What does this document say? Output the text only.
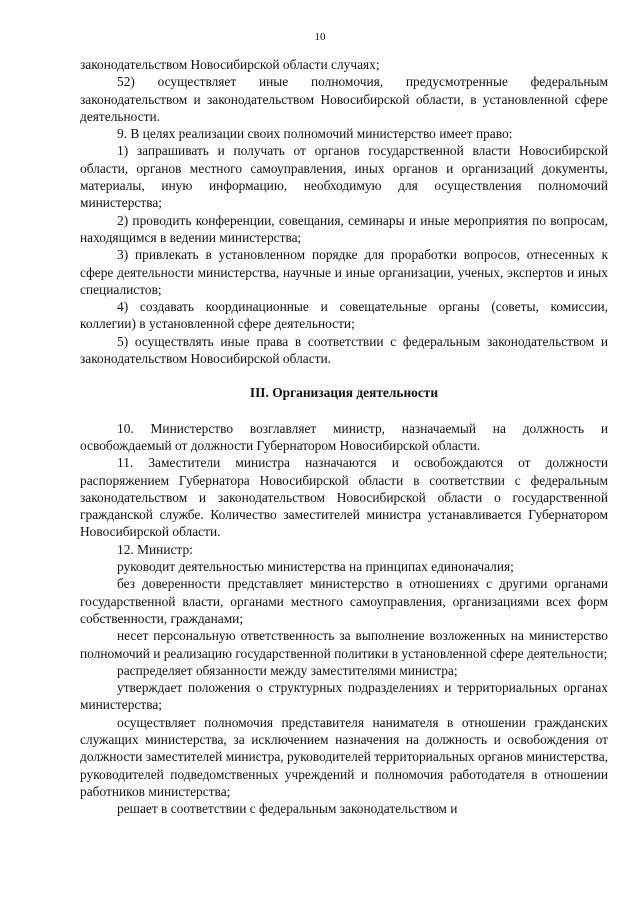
10

законодательством Новосибирской области случаях;

52) осуществляет иные полномочия, предусмотренные федеральным законодательством и законодательством Новосибирской области, в установленной сфере деятельности.

9. В целях реализации своих полномочий министерство имеет право:

1) запрашивать и получать от органов государственной власти Новосибирской области, органов местного самоуправления, иных органов и организаций документы, материалы, иную информацию, необходимую для осуществления полномочий министерства;

2) проводить конференции, совещания, семинары и иные мероприятия по вопросам, находящимся в ведении министерства;

3) привлекать в установленном порядке для проработки вопросов, отнесенных к сфере деятельности министерства, научные и иные организации, ученых, экспертов и иных специалистов;

4) создавать координационные и совещательные органы (советы, комиссии, коллегии) в установленной сфере деятельности;

5) осуществлять иные права в соответствии с федеральным законодательством и законодательством Новосибирской области.

III. Организация деятельности

10. Министерство возглавляет министр, назначаемый на должность и освобождаемый от должности Губернатором Новосибирской области.

11. Заместители министра назначаются и освобождаются от должности распоряжением Губернатора Новосибирской области в соответствии с федеральным законодательством и законодательством Новосибирской области о государственной гражданской службе. Количество заместителей министра устанавливается Губернатором Новосибирской области.

12. Министр:

руководит деятельностью министерства на принципах единоначалия;

без доверенности представляет министерство в отношениях с другими органами государственной власти, органами местного самоуправления, организациями всех форм собственности, гражданами;

несет персональную ответственность за выполнение возложенных на министерство полномочий и реализацию государственной политики в установленной сфере деятельности;

распределяет обязанности между заместителями министра;

утверждает положения о структурных подразделениях и территориальных органах министерства;

осуществляет полномочия представителя нанимателя в отношении гражданских служащих министерства, за исключением назначения на должность и освобождения от должности заместителей министра, руководителей территориальных органов министерства, руководителей подведомственных учреждений и полномочия работодателя в отношении работников министерства;

решает в соответствии с федеральным законодательством и
